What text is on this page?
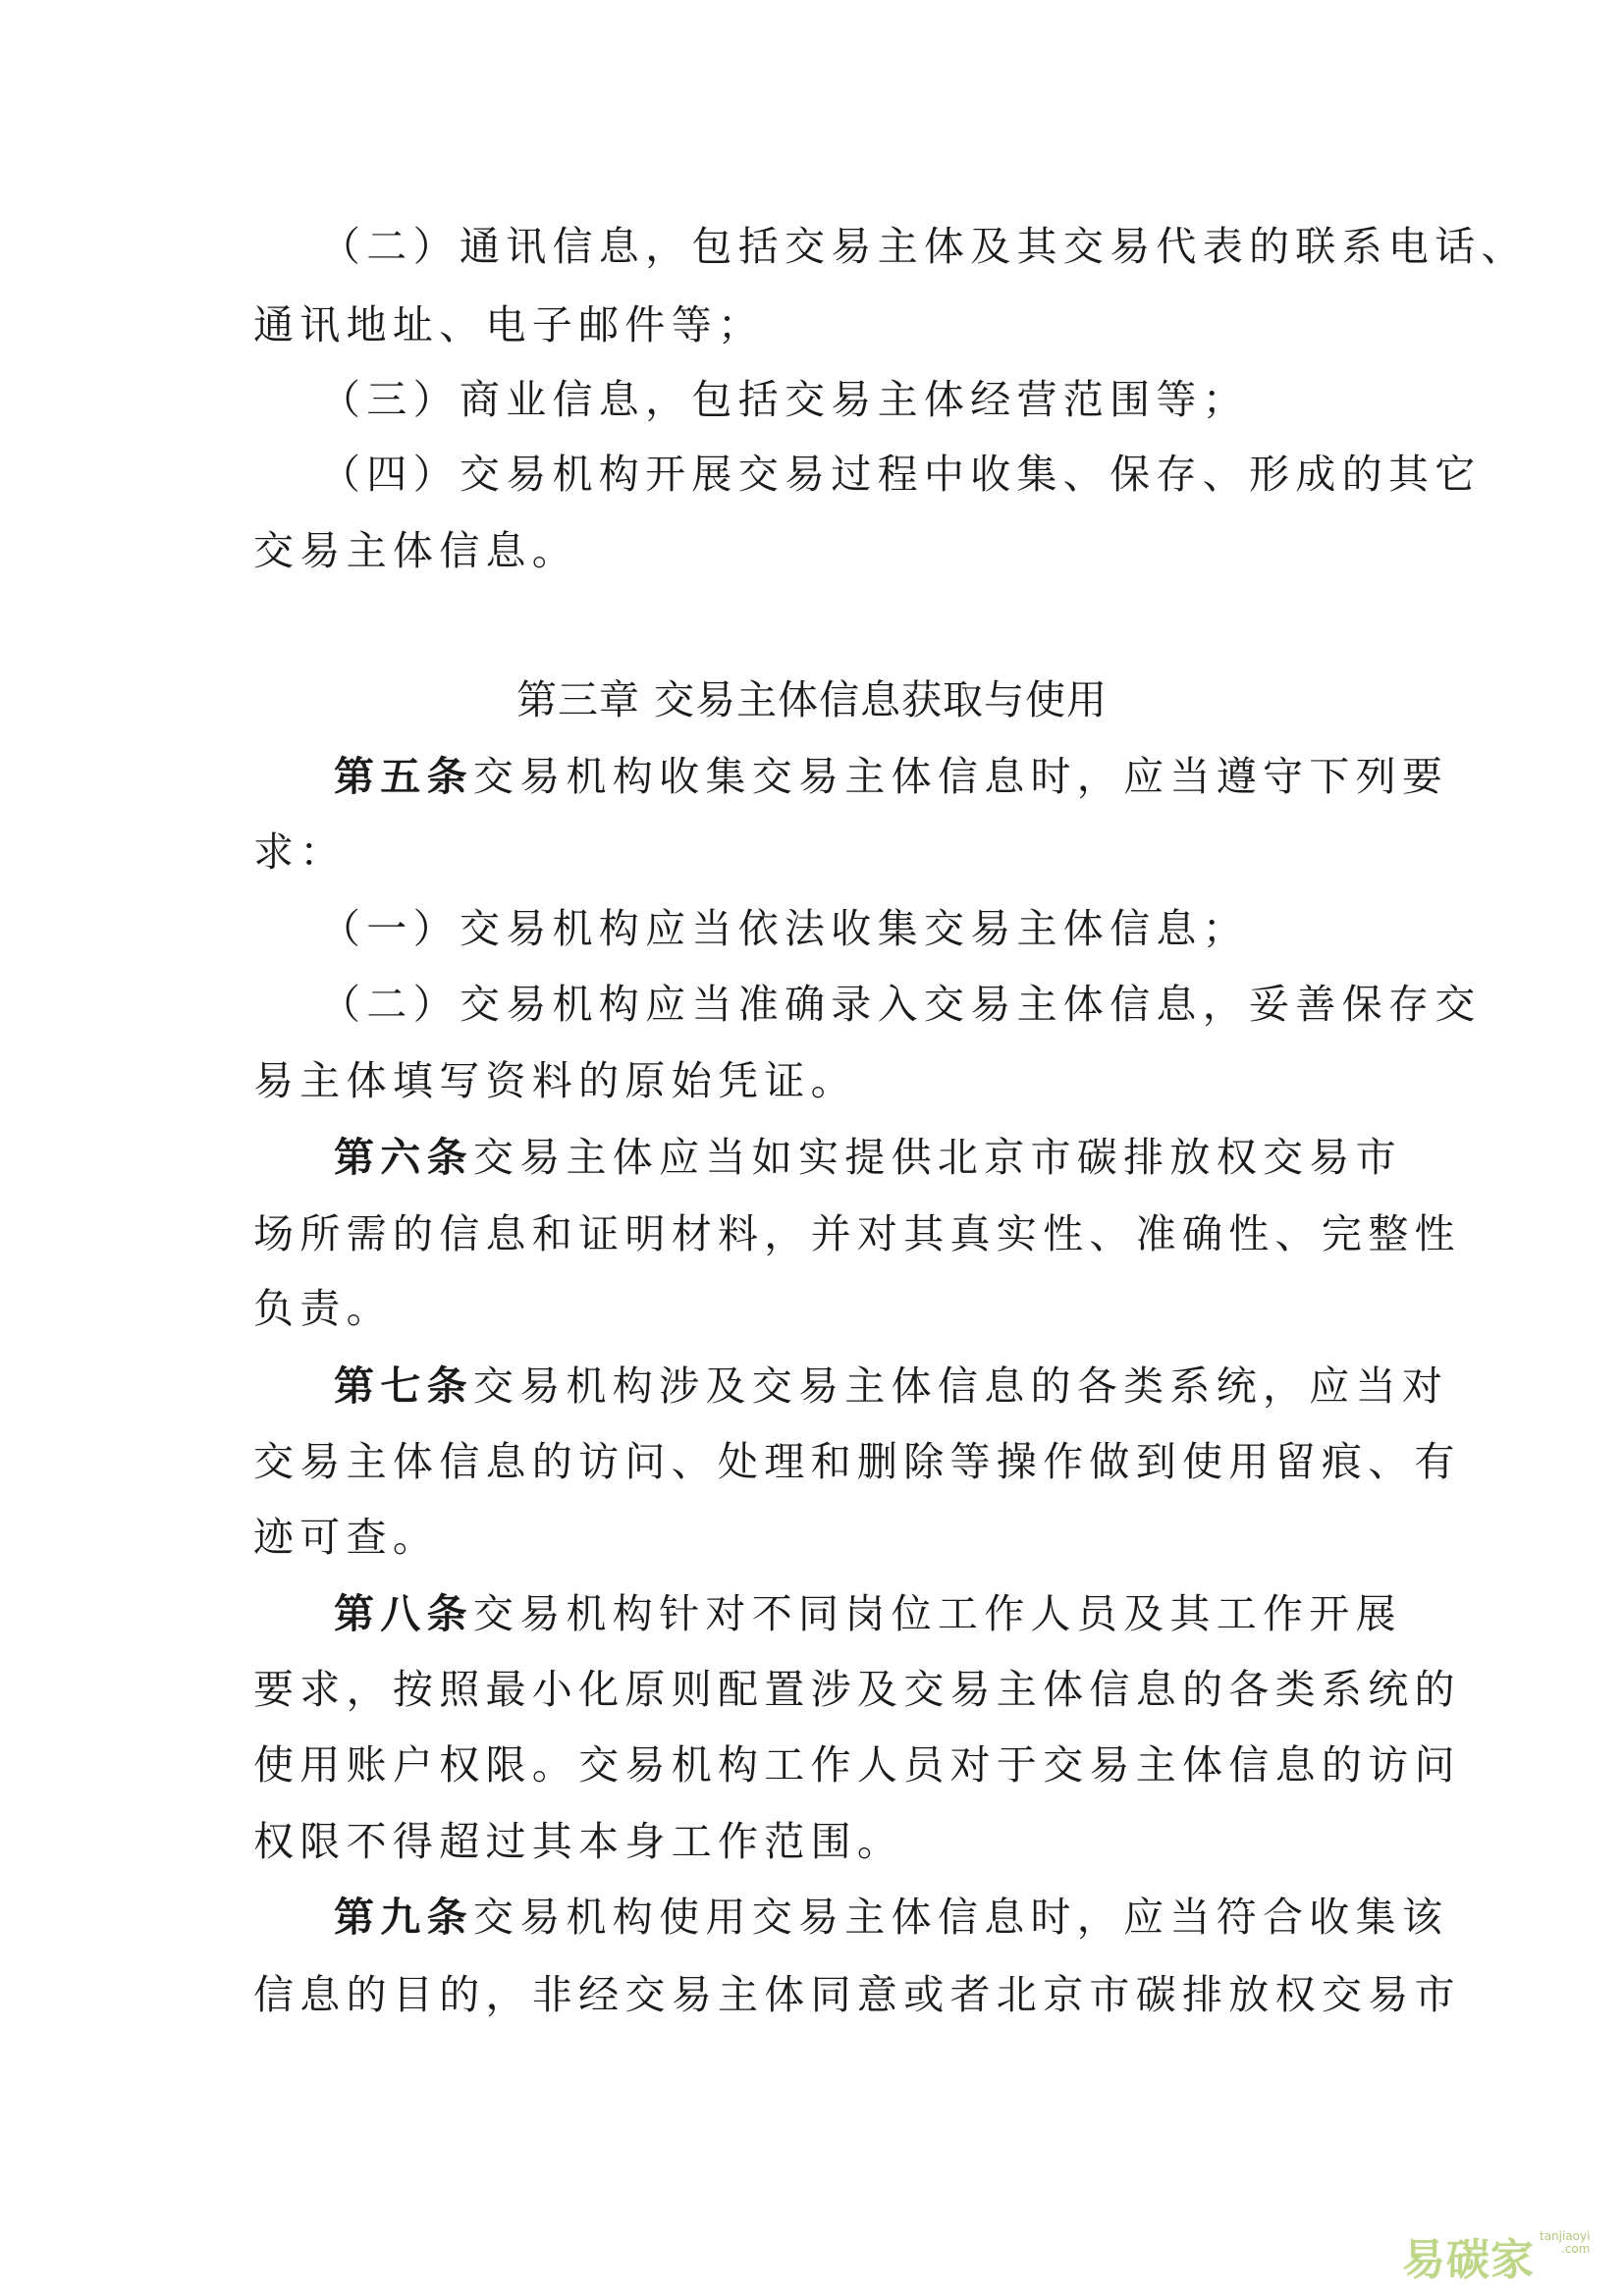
（二）通讯信息，包括交易主体及其交易代表的联系电话、
通讯地址、电子邮件等；
（三）商业信息，包括交易主体经营范围等；
（四）交易机构开展交易过程中收集、保存、形成的其它
交易主体信息。
第三章 交易主体信息获取与使用
第五条交易机构收集交易主体信息时，应当遵守下列要
求：
（一）交易机构应当依法收集交易主体信息；
（二）交易机构应当准确录入交易主体信息，妥善保存交
易主体填写资料的原始凭证。
第六条交易主体应当如实提供北京市碳排放权交易市
场所需的信息和证明材料，并对其真实性、准确性、完整性
负责。
第七条交易机构涉及交易主体信息的各类系统，应当对
交易主体信息的访问、处理和删除等操作做到使用留痕、有
迹可查。
第八条交易机构针对不同岗位工作人员及其工作开展
要求，按照最小化原则配置涉及交易主体信息的各类系统的
使用账户权限。交易机构工作人员对于交易主体信息的访问
权限不得超过其本身工作范围。
第九条交易机构使用交易主体信息时，应当符合收集该
信息的目的，非经交易主体同意或者北京市碳排放权交易市
易碳家 tanjiaoyi
.com
